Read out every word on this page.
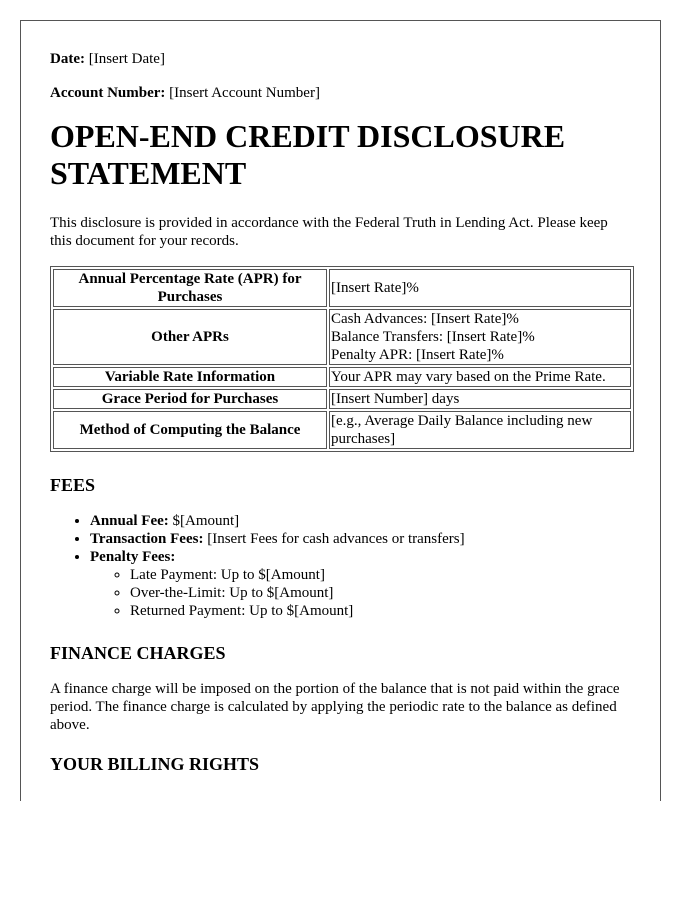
Date: [Insert Date]

Account Number: [Insert Account Number]

OPEN-END CREDIT DISCLOSURE STATEMENT

This disclosure is provided in accordance with the Federal Truth in Lending Act. Please keep this document for your records.

Annual Percentage Rate (APR) for Purchases	[Insert Rate]%
Other APRs	Cash Advances: [Insert Rate]%
Balance Transfers: [Insert Rate]%
Penalty APR: [Insert Rate]%

Variable Rate Information	Your APR may vary based on the Prime Rate.
Grace Period for Purchases	[Insert Number] days
Method of Computing the Balance	[e.g., Average Daily Balance including new purchases]
FEES
• Annual Fee: $[Amount]
• Transaction Fees: [Insert Fees for cash advances or transfers]
• Penalty Fees:
◦ Late Payment: Up to $[Amount]
◦ Over-the-Limit: Up to $[Amount]
◦ Returned Payment: Up to $[Amount]
FINANCE CHARGES

A finance charge will be imposed on the portion of the balance that is not paid within the grace period. The finance charge is calculated by applying the periodic rate to the balance as defined above.

YOUR BILLING RIGHTS
